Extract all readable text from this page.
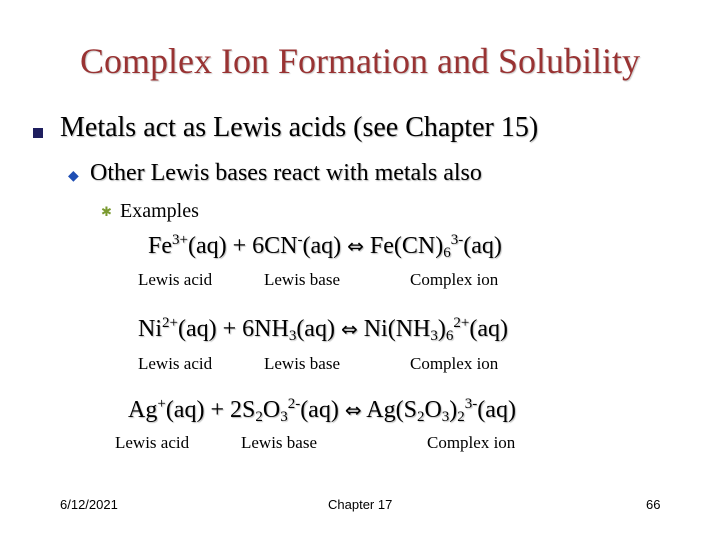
Complex Ion Formation and Solubility
Metals act as Lewis acids (see Chapter 15)
◆ Other Lewis bases react with metals also
✱ Examples
$Fe^{3+}(aq) + 6CN^-(aq)$ ⇔ $Fe(CN)_6^{3-}(aq)$
Lewis acid	Lewis base	Complex ion
$Ni^{2+}(aq) + 6NH_3(aq)$ ⇔ $Ni(NH_3)_6^{2+}(aq)$
Lewis acid	Lewis base	Complex ion
$Ag^+(aq) + 2S_2O_3^{2-}(aq)$ ⇔ $Ag(S_2O_3)_2^{3-}(aq)$
Lewis acid	Lewis base	Complex ion
6/12/2021	Chapter 17	66
